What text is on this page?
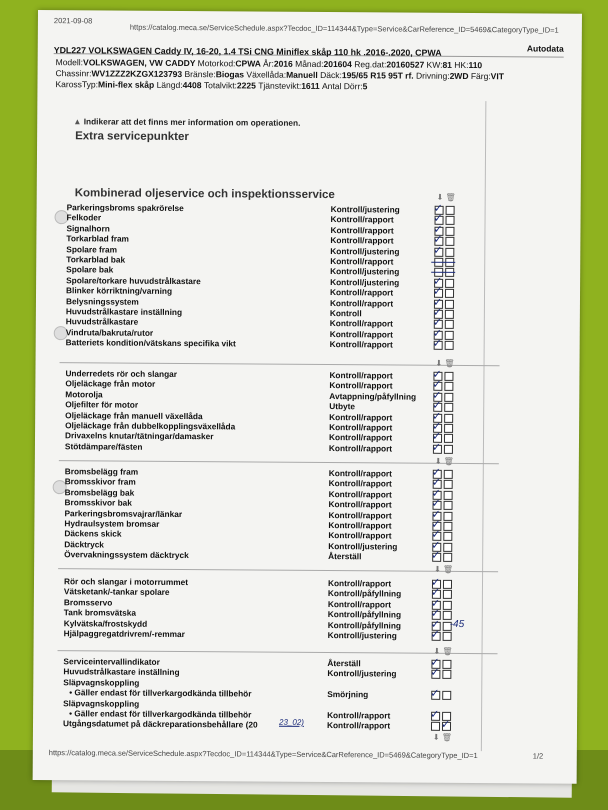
2021-09-08
https://catalog.meca.se/ServiceSchedule.aspx?Tecdoc_ID=114344&Type=Service&CarReference_ID=5469&CategoryType_ID=1
YDL227 VOLKSWAGEN Caddy IV, 16-20, 1.4 TSi CNG Miniflex skåp 110 hk .2016-.2020, CPWA	Autodata
Modell:VOLKSWAGEN, VW CADDY Motorkod:CPWA År:2016 Månad:201604 Reg.dat:20160527 KW:81 HK:110
Chassinr:WV1ZZZ2KZGX123793 Bränsle:Biogas Växellåda:Manuell Däck:195/65 R15 95T rf. Drivning:2WD Färg:VIT
KarossTyp:Mini-flex skåp Längd:4408 Totalvikt:2225 Tjänstevikt:1611 Antal Dörr:5
▲ Indikerar att det finns mer information om operationen.
Extra servicepunkter
Kombinerad oljeservice och inspektionsservice	⬇ 🗑
Parkeringsbroms spakrörelse	Kontroll/justering	✓
Felkoder	Kontroll/rapport	✓
Signalhorn	Kontroll/rapport	✓
Torkarblad fram	Kontroll/rapport	✓
Spolare fram	Kontroll/justering	✓
Torkarblad bak	Kontroll/rapport
Spolare bak	Kontroll/justering
Spolare/torkare huvudstrålkastare	Kontroll/justering	✓
Blinker körriktning/varning	Kontroll/rapport	✓
Belysningssystem	Kontroll/rapport	✓
Huvudstrålkastare inställning	Kontroll	✓
Huvudstrålkastare	Kontroll/rapport	✓
Vindruta/bakruta/rutor	Kontroll/rapport	✓
Batteriets kondition/vätskans specifika vikt	Kontroll/rapport	✓
Underredets rör och slangar	Kontroll/rapport	✓
Oljeläckage från motor	Kontroll/rapport	✓
Motorolja	Avtappning/påfyllning ✓
Oljefilter för motor	Utbyte	✓
Oljeläckage från manuell växellåda	Kontroll/rapport	✓
Oljeläckage från dubbelkopplingsväxellåda	Kontroll/rapport	✓
Drivaxelns knutar/tätningar/damasker	Kontroll/rapport	✓
Stötdämpare/fästen	Kontroll/rapport	✓
Bromsbelägg fram	Kontroll/rapport	✓
Bromsskivor fram	Kontroll/rapport	✓
Bromsbelägg bak	Kontroll/rapport	✓
Bromsskivor bak	Kontroll/rapport	✓
Parkeringsbromsvajrar/länkar	Kontroll/rapport	✓
Hydraulsystem bromsar	Kontroll/rapport	✓
Däckens skick	Kontroll/rapport	✓
Däcktryck	Kontroll/justering	✓
Övervakningssystem däcktryck	Återställ	✓
Rör och slangar i motorrummet	Kontroll/rapport	✓
Vätsketank/-tankar spolare	Kontroll/påfyllning	✓
Bromsservo	Kontroll/rapport	✓
Tank bromsvätska	Kontroll/påfyllning	✓
Kylvätska/frostskydd	Kontroll/påfyllning	✓
Hjälpaggregatdrivrem/-remmar	Kontroll/justering	✓
Serviceintervallindikator	Återställ	✓
Huvudstrålkastare inställning	Kontroll/justering	✓
Släpvagnskoppling
• Gäller endast för tillverkargodkända tillbehör	Smörjning	✓
Släpvagnskoppling
• Gäller endast för tillverkargodkända tillbehör	Kontroll/rapport	✓
Utgångsdatumet på däckreparationsbehållare (20	Kontroll/rapport	✓
⬇ 🗑
⬇ 🗑
⬇ 🗑
⬇ 🗑
⬇ 🗑
-45
23_02)
https://catalog.meca.se/ServiceSchedule.aspx?Tecdoc_ID=114344&Type=Service&CarReference_ID=5469&CategoryType_ID=1	1/2
